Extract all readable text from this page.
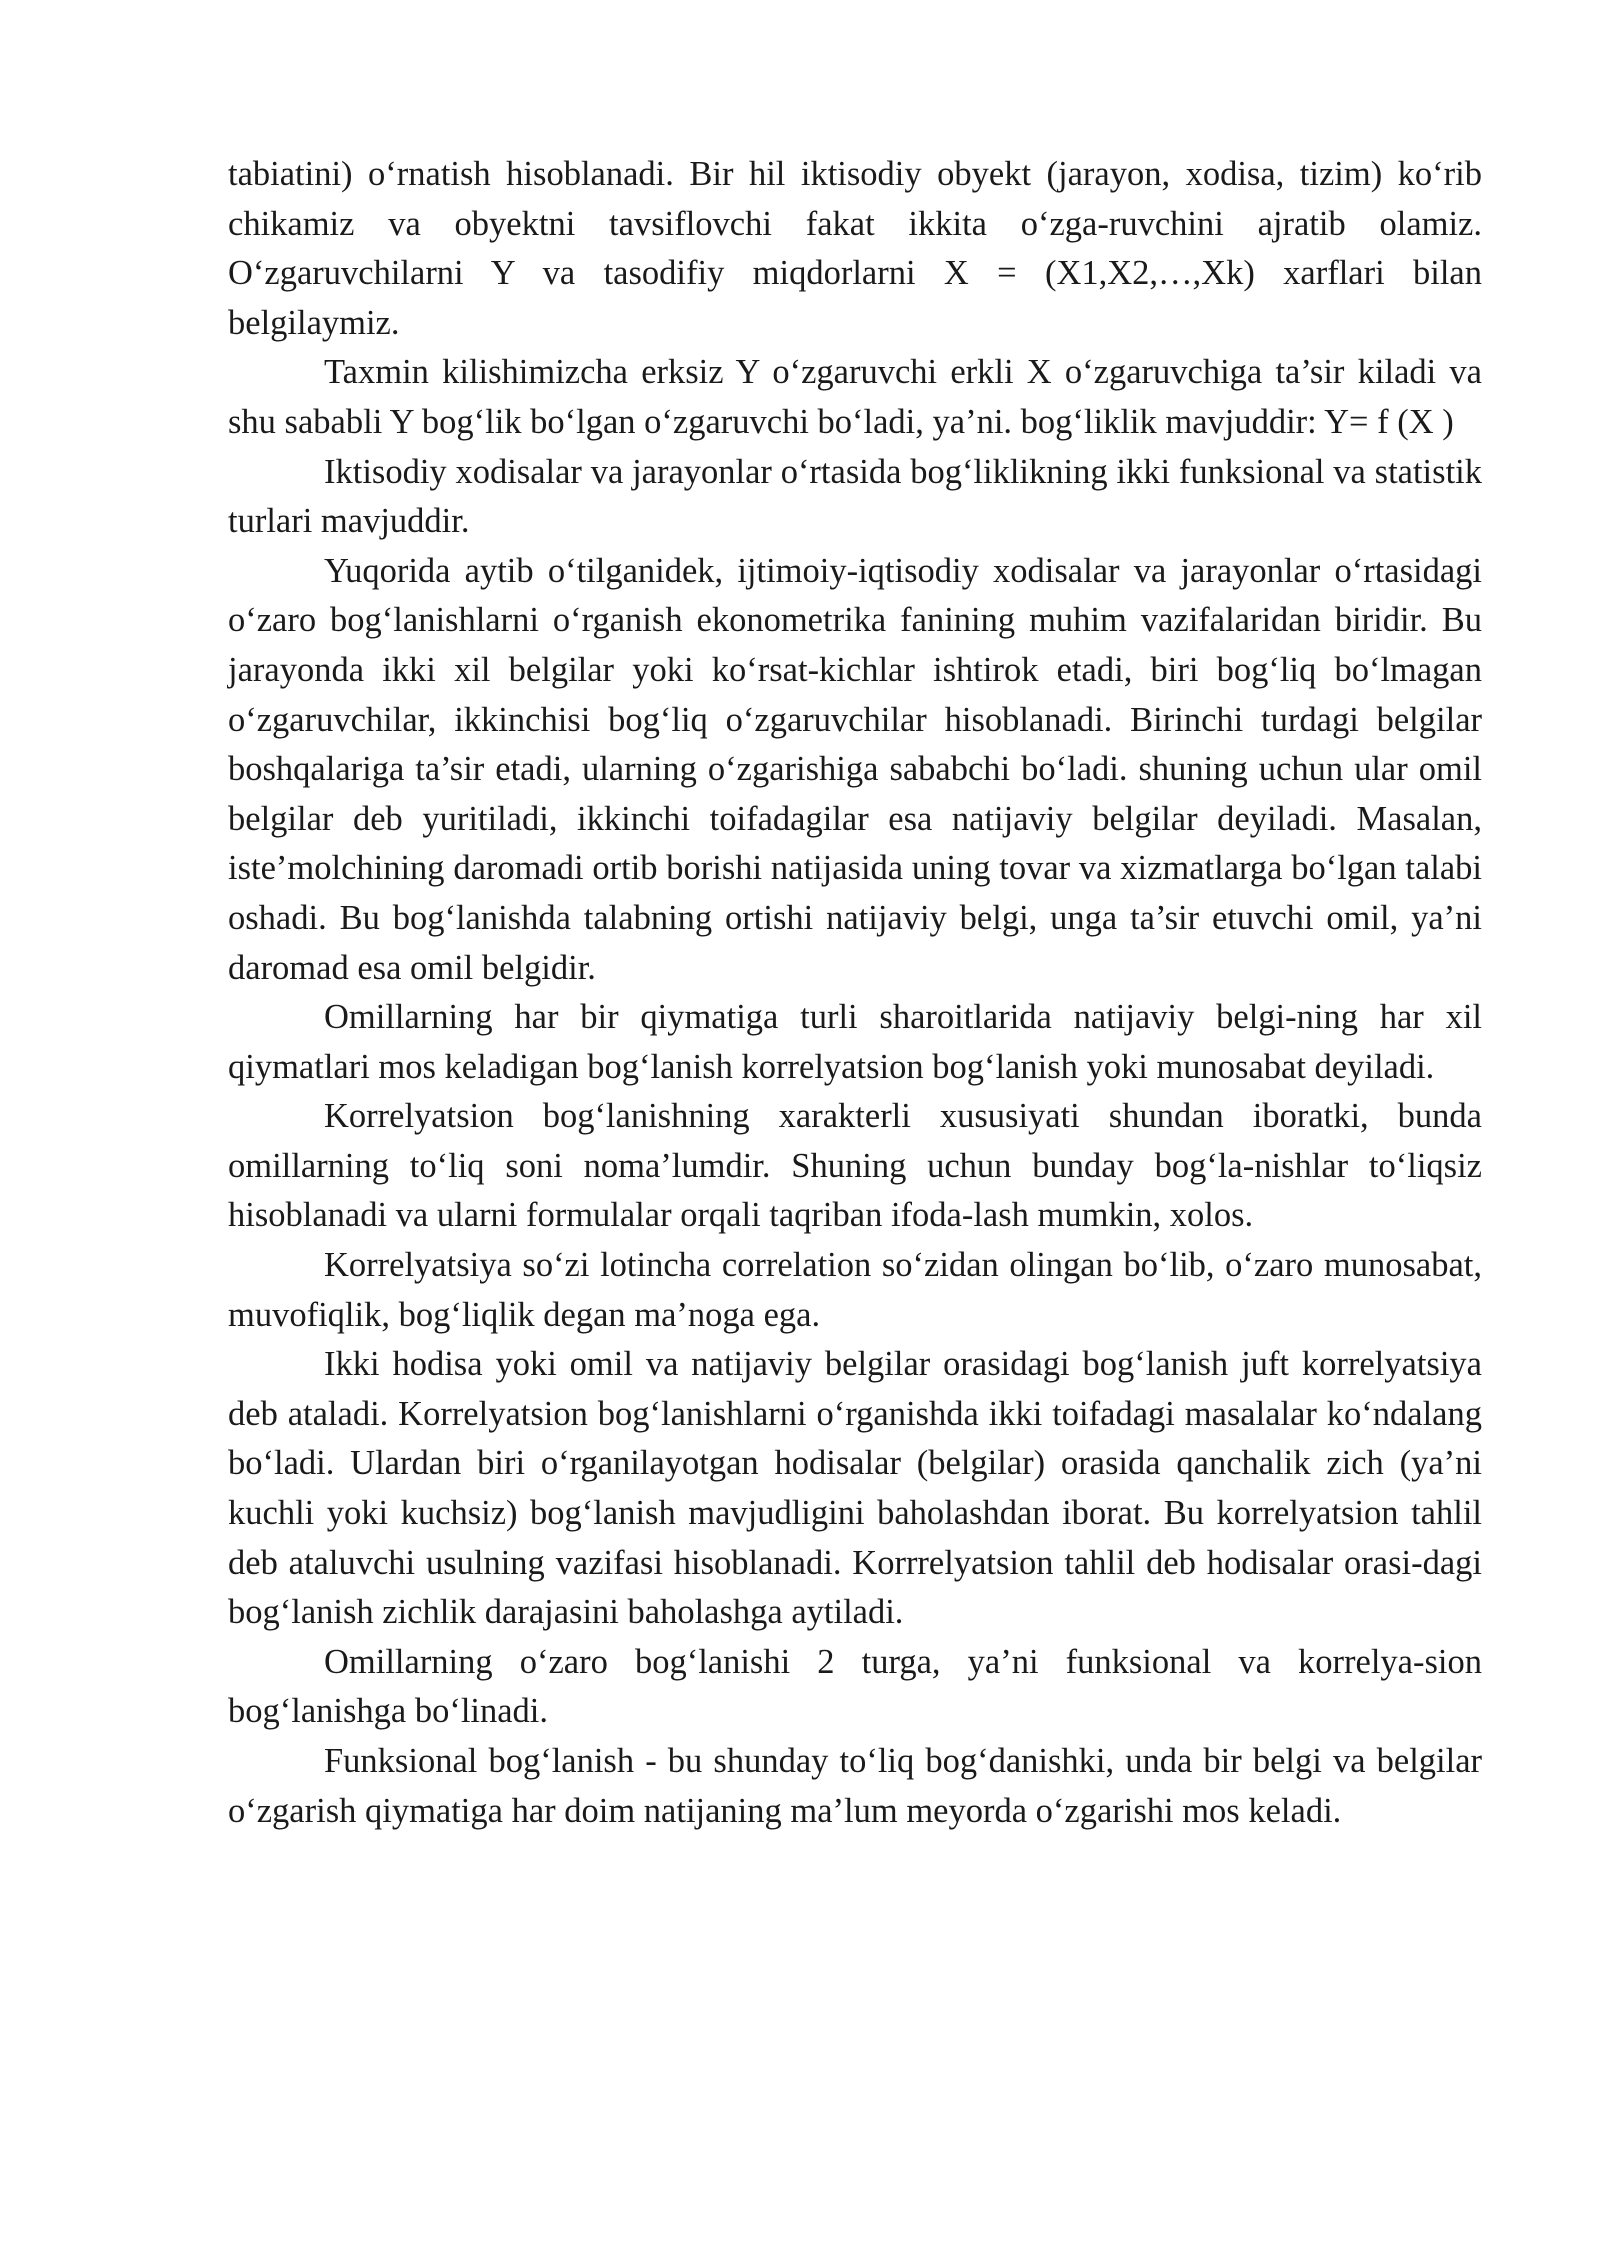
tabiatini) o‘rnatish hisoblanadi. Bir hil iktisodiy obyekt (jarayon, xodisa, tizim) ko‘rib chikamiz va obyektni tavsiflovchi fakat ikkita o‘zga-ruvchini ajratib olamiz. O‘zgaruvchilarni Y va tasodifiy miqdorlarni X = (X1,X2,…,Xk) xarflari bilan belgilaymiz.

Taxmin kilishimizcha erksiz Y o‘zgaruvchi erkli X o‘zgaruvchiga ta’sir kiladi va shu sababli Y bog‘lik bo‘lgan o‘zgaruvchi bo‘ladi, ya’ni. bog‘liklik mavjuddir: Y= f (X )

Iktisodiy xodisalar va jarayonlar o‘rtasida bog‘liklikning ikki funksional va statistik turlari mavjuddir.

Yuqorida aytib o‘tilganidek, ijtimoiy-iqtisodiy xodisalar va jarayonlar o‘rtasidagi o‘zaro bog‘lanishlarni o‘rganish ekonometrika fanining muhim vazifalaridan biridir. Bu jarayonda ikki xil belgilar yoki ko‘rsat-kichlar ishtirok etadi, biri bog‘liq bo‘lmagan o‘zgaruvchilar, ikkinchisi bog‘liq o‘zgaruvchilar hisoblanadi. Birinchi turdagi belgilar boshqalariga ta’sir etadi, ularning o‘zgarishiga sababchi bo‘ladi. shuning uchun ular omil belgilar deb yuritiladi, ikkinchi toifadagilar esa natijaviy belgilar deyiladi. Masalan, iste’molchining daromadi ortib borishi natijasida uning tovar va xizmatlarga bo‘lgan talabi oshadi. Bu bog‘lanishda talabning ortishi natijaviy belgi, unga ta’sir etuvchi omil, ya’ni daromad esa omil belgidir.

Omillarning har bir qiymatiga turli sharoitlarida natijaviy belgi-ning har xil qiymatlari mos keladigan bog‘lanish korrelyatsion bog‘lanish yoki munosabat deyiladi.

Korrelyatsion bog‘lanishning xarakterli xususiyati shundan iboratki, bunda omillarning to‘liq soni noma’lumdir. Shuning uchun bunday bog‘la-nishlar to‘liqsiz hisoblanadi va ularni formulalar orqali taqriban ifoda-lash mumkin, xolos.

Korrelyatsiya so‘zi lotincha correlation so‘zidan olingan bo‘lib, o‘zaro munosabat, muvofiqlik, bog‘liqlik degan ma’noga ega.

Ikki hodisa yoki omil va natijaviy belgilar orasidagi bog‘lanish juft korrelyatsiya deb ataladi. Korrelyatsion bog‘lanishlarni o‘rganishda ikki toifadagi masalalar ko‘ndalang bo‘ladi. Ulardan biri o‘rganilayotgan hodisalar (belgilar) orasida qanchalik zich (ya’ni kuchli yoki kuchsiz) bog‘lanish mavjudligini baholashdan iborat. Bu korrelyatsion tahlil deb ataluvchi usulning vazifasi hisoblanadi. Korrrelyatsion tahlil deb hodisalar orasi-dagi bog‘lanish zichlik darajasini baholashga aytiladi.

Omillarning o‘zaro bog‘lanishi 2 turga, ya’ni funksional va korrelya-sion bog‘lanishga bo‘linadi.

Funksional bog‘lanish - bu shunday to‘liq bog‘danishki, unda bir belgi va belgilar o‘zgarish qiymatiga har doim natijaning ma’lum meyorda o‘zgarishi mos keladi.
